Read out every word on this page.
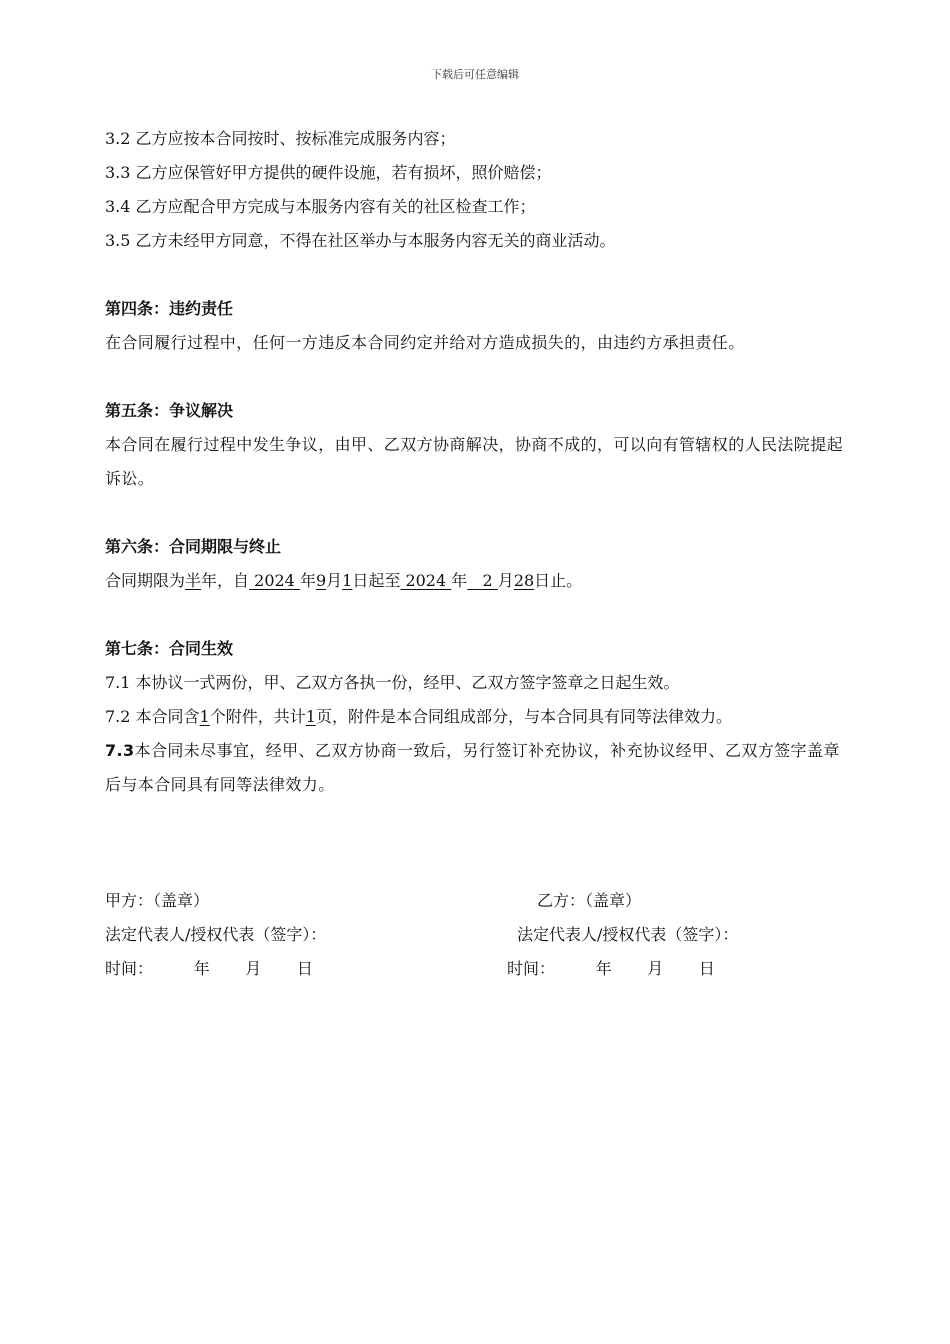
下载后可任意编辑
3.2 乙方应按本合同按时、按标准完成服务内容；
3.3 乙方应保管好甲方提供的硬件设施，若有损坏，照价赔偿；
3.4 乙方应配合甲方完成与本服务内容有关的社区检查工作；
3.5 乙方未经甲方同意，不得在社区举办与本服务内容无关的商业活动。
第四条：违约责任
在合同履行过程中，任何一方违反本合同约定并给对方造成损失的，由违约方承担责任。
第五条：争议解决
本合同在履行过程中发生争议，由甲、乙双方协商解决，协商不成的，可以向有管辖权的人民法院提起诉讼。
第六条：合同期限与终止
合同期限为半年，自 2024 年9月1日起至 2024 年   2 月28日止。
第七条：合同生效
7.1 本协议一式两份，甲、乙双方各执一份，经甲、乙双方签字签章之日起生效。
7.2 本合同含1个附件，共计1页，附件是本合同组成部分，与本合同具有同等法律效力。
7.3本合同未尽事宜，经甲、乙双方协商一致后，另行签订补充协议，补充协议经甲、乙双方签字盖章后与本合同具有同等法律效力。
甲方：（盖章）	乙方：（盖章）
法定代表人/授权代表（签字）：	法定代表人/授权代表（签字）：
时间：        年       月       日	时间：        年       月       日
